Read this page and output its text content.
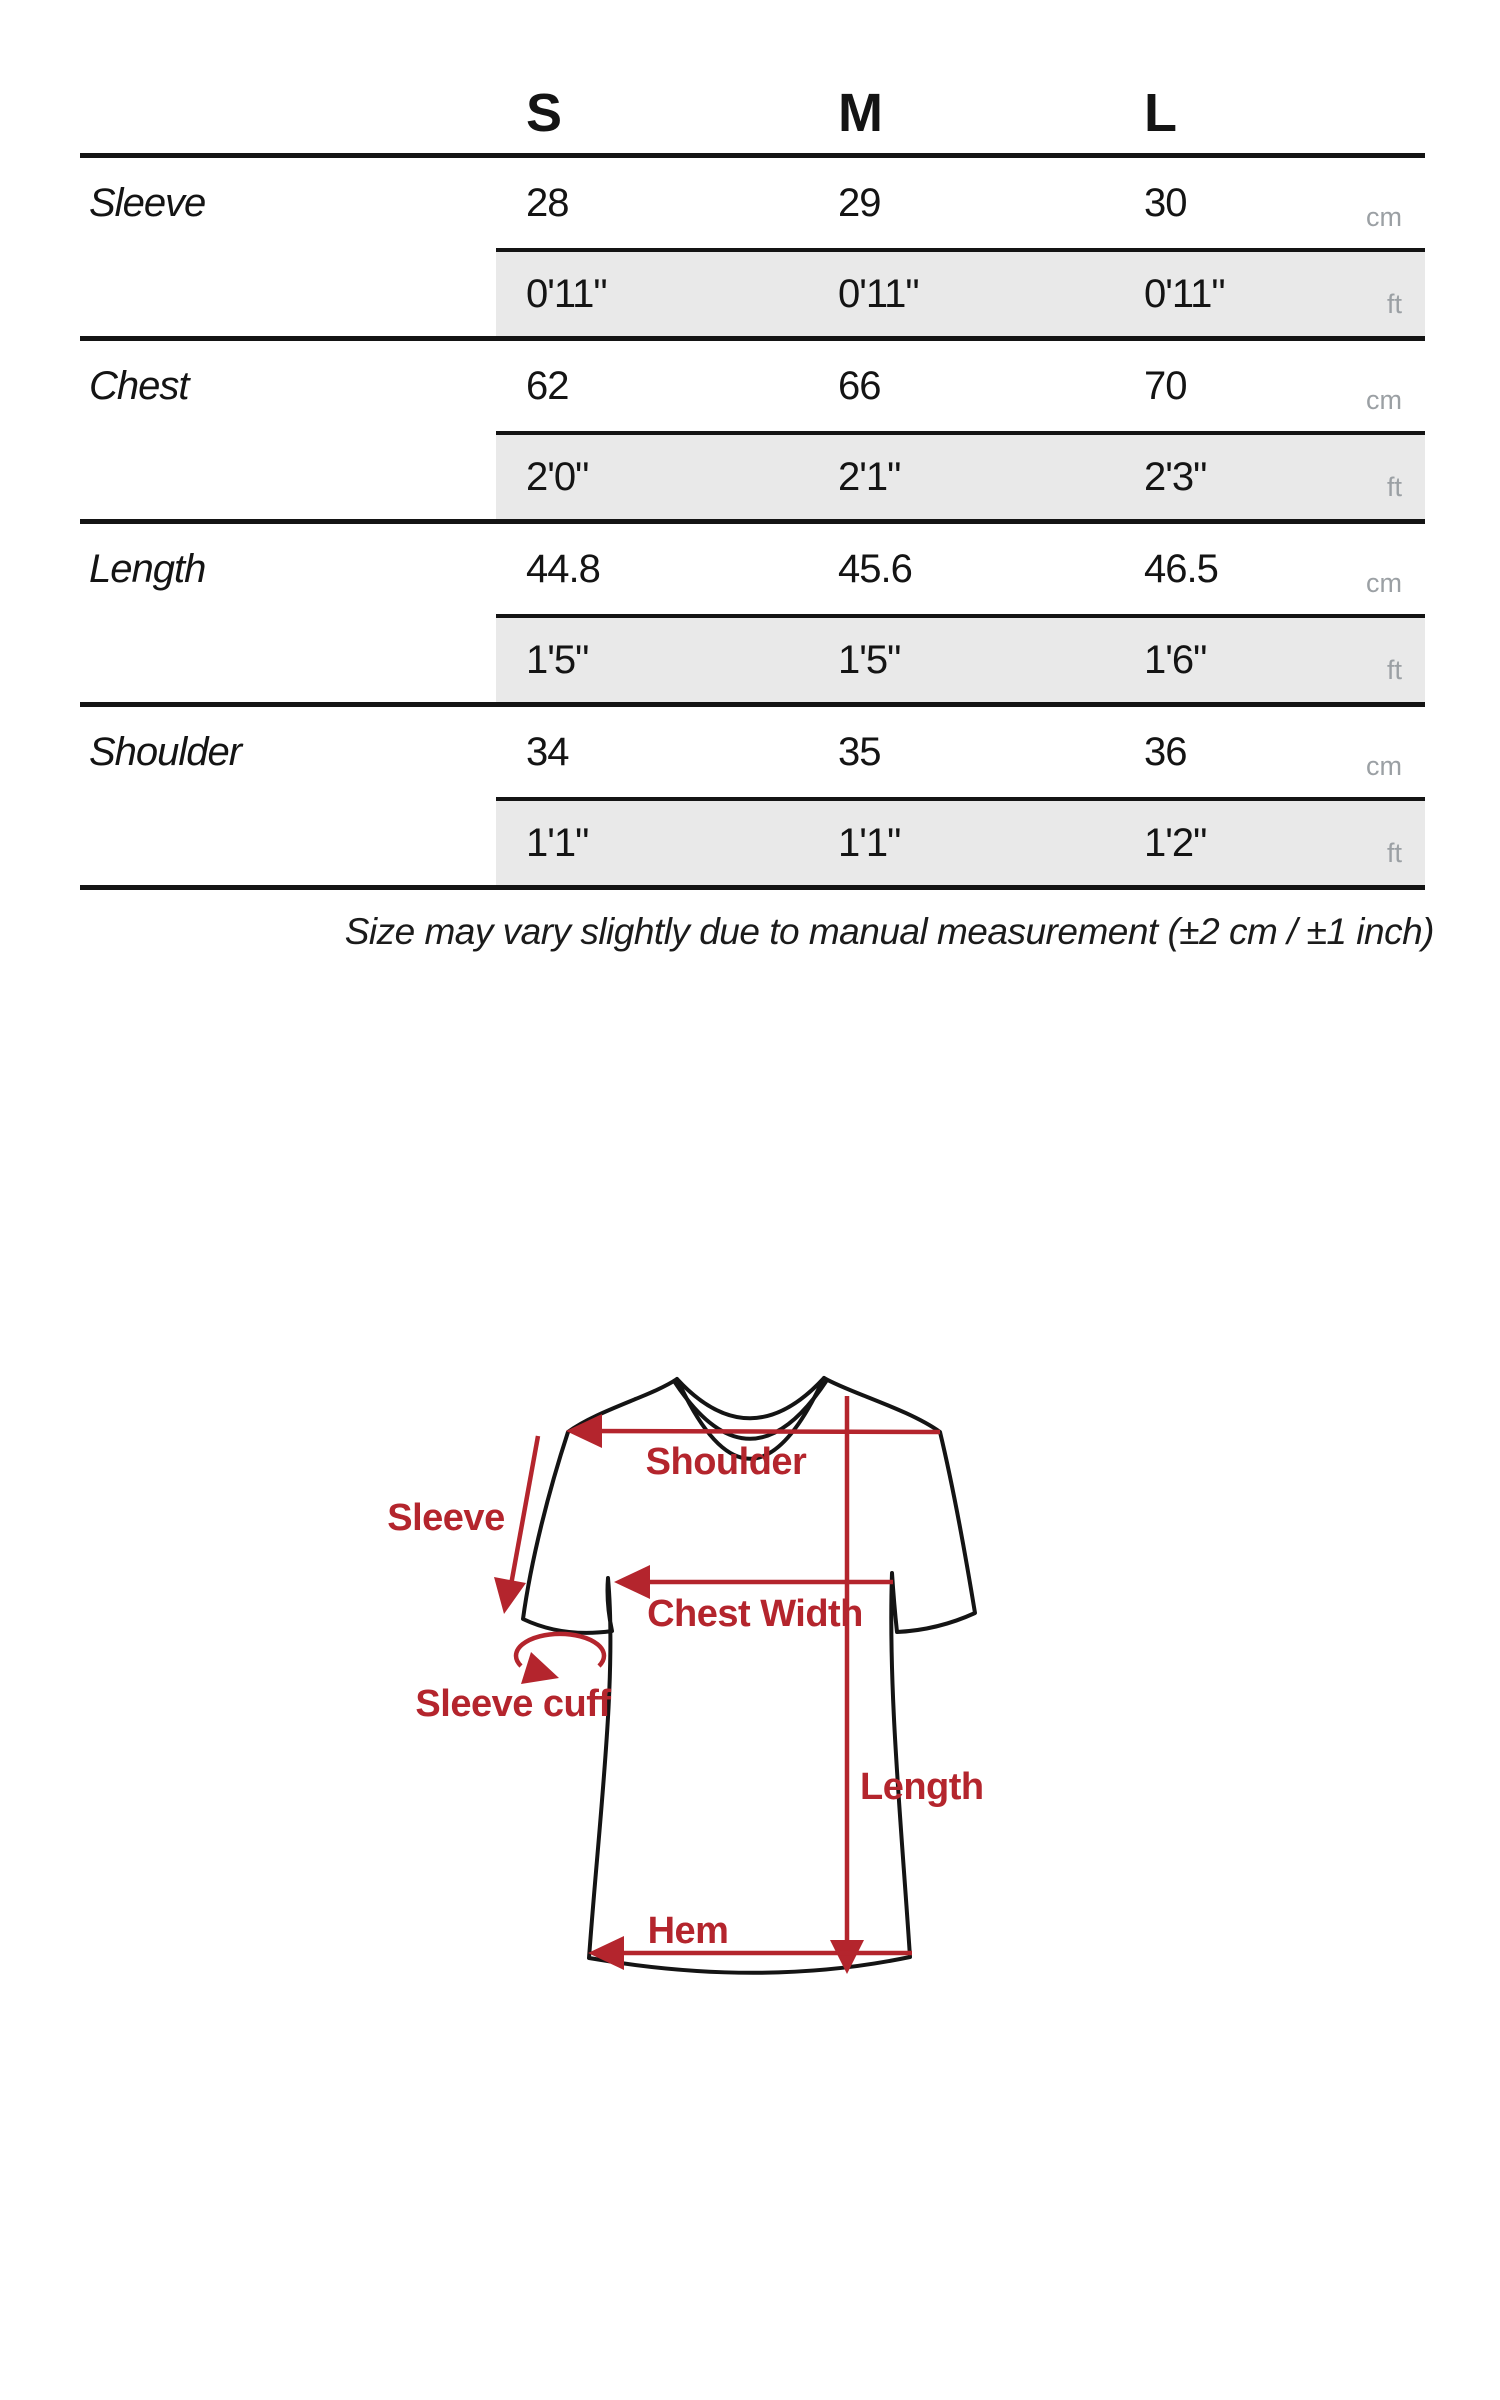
S	M	L
Sleeve	28	29	30	cm
0'11"	0'11"	0'11"	ft
Chest	62	66	70	cm
2'0"	2'1"	2'3"	ft
Length	44.8	45.6	46.5	cm
1'5"	1'5"	1'6"	ft
Shoulder	34	35	36	cm
1'1"	1'1"	1'2"	ft
Size may vary slightly due to manual measurement (±2 cm / ±1 inch)
Shoulder
Sleeve
Chest Width
Sleeve cuff
Length
Hem
